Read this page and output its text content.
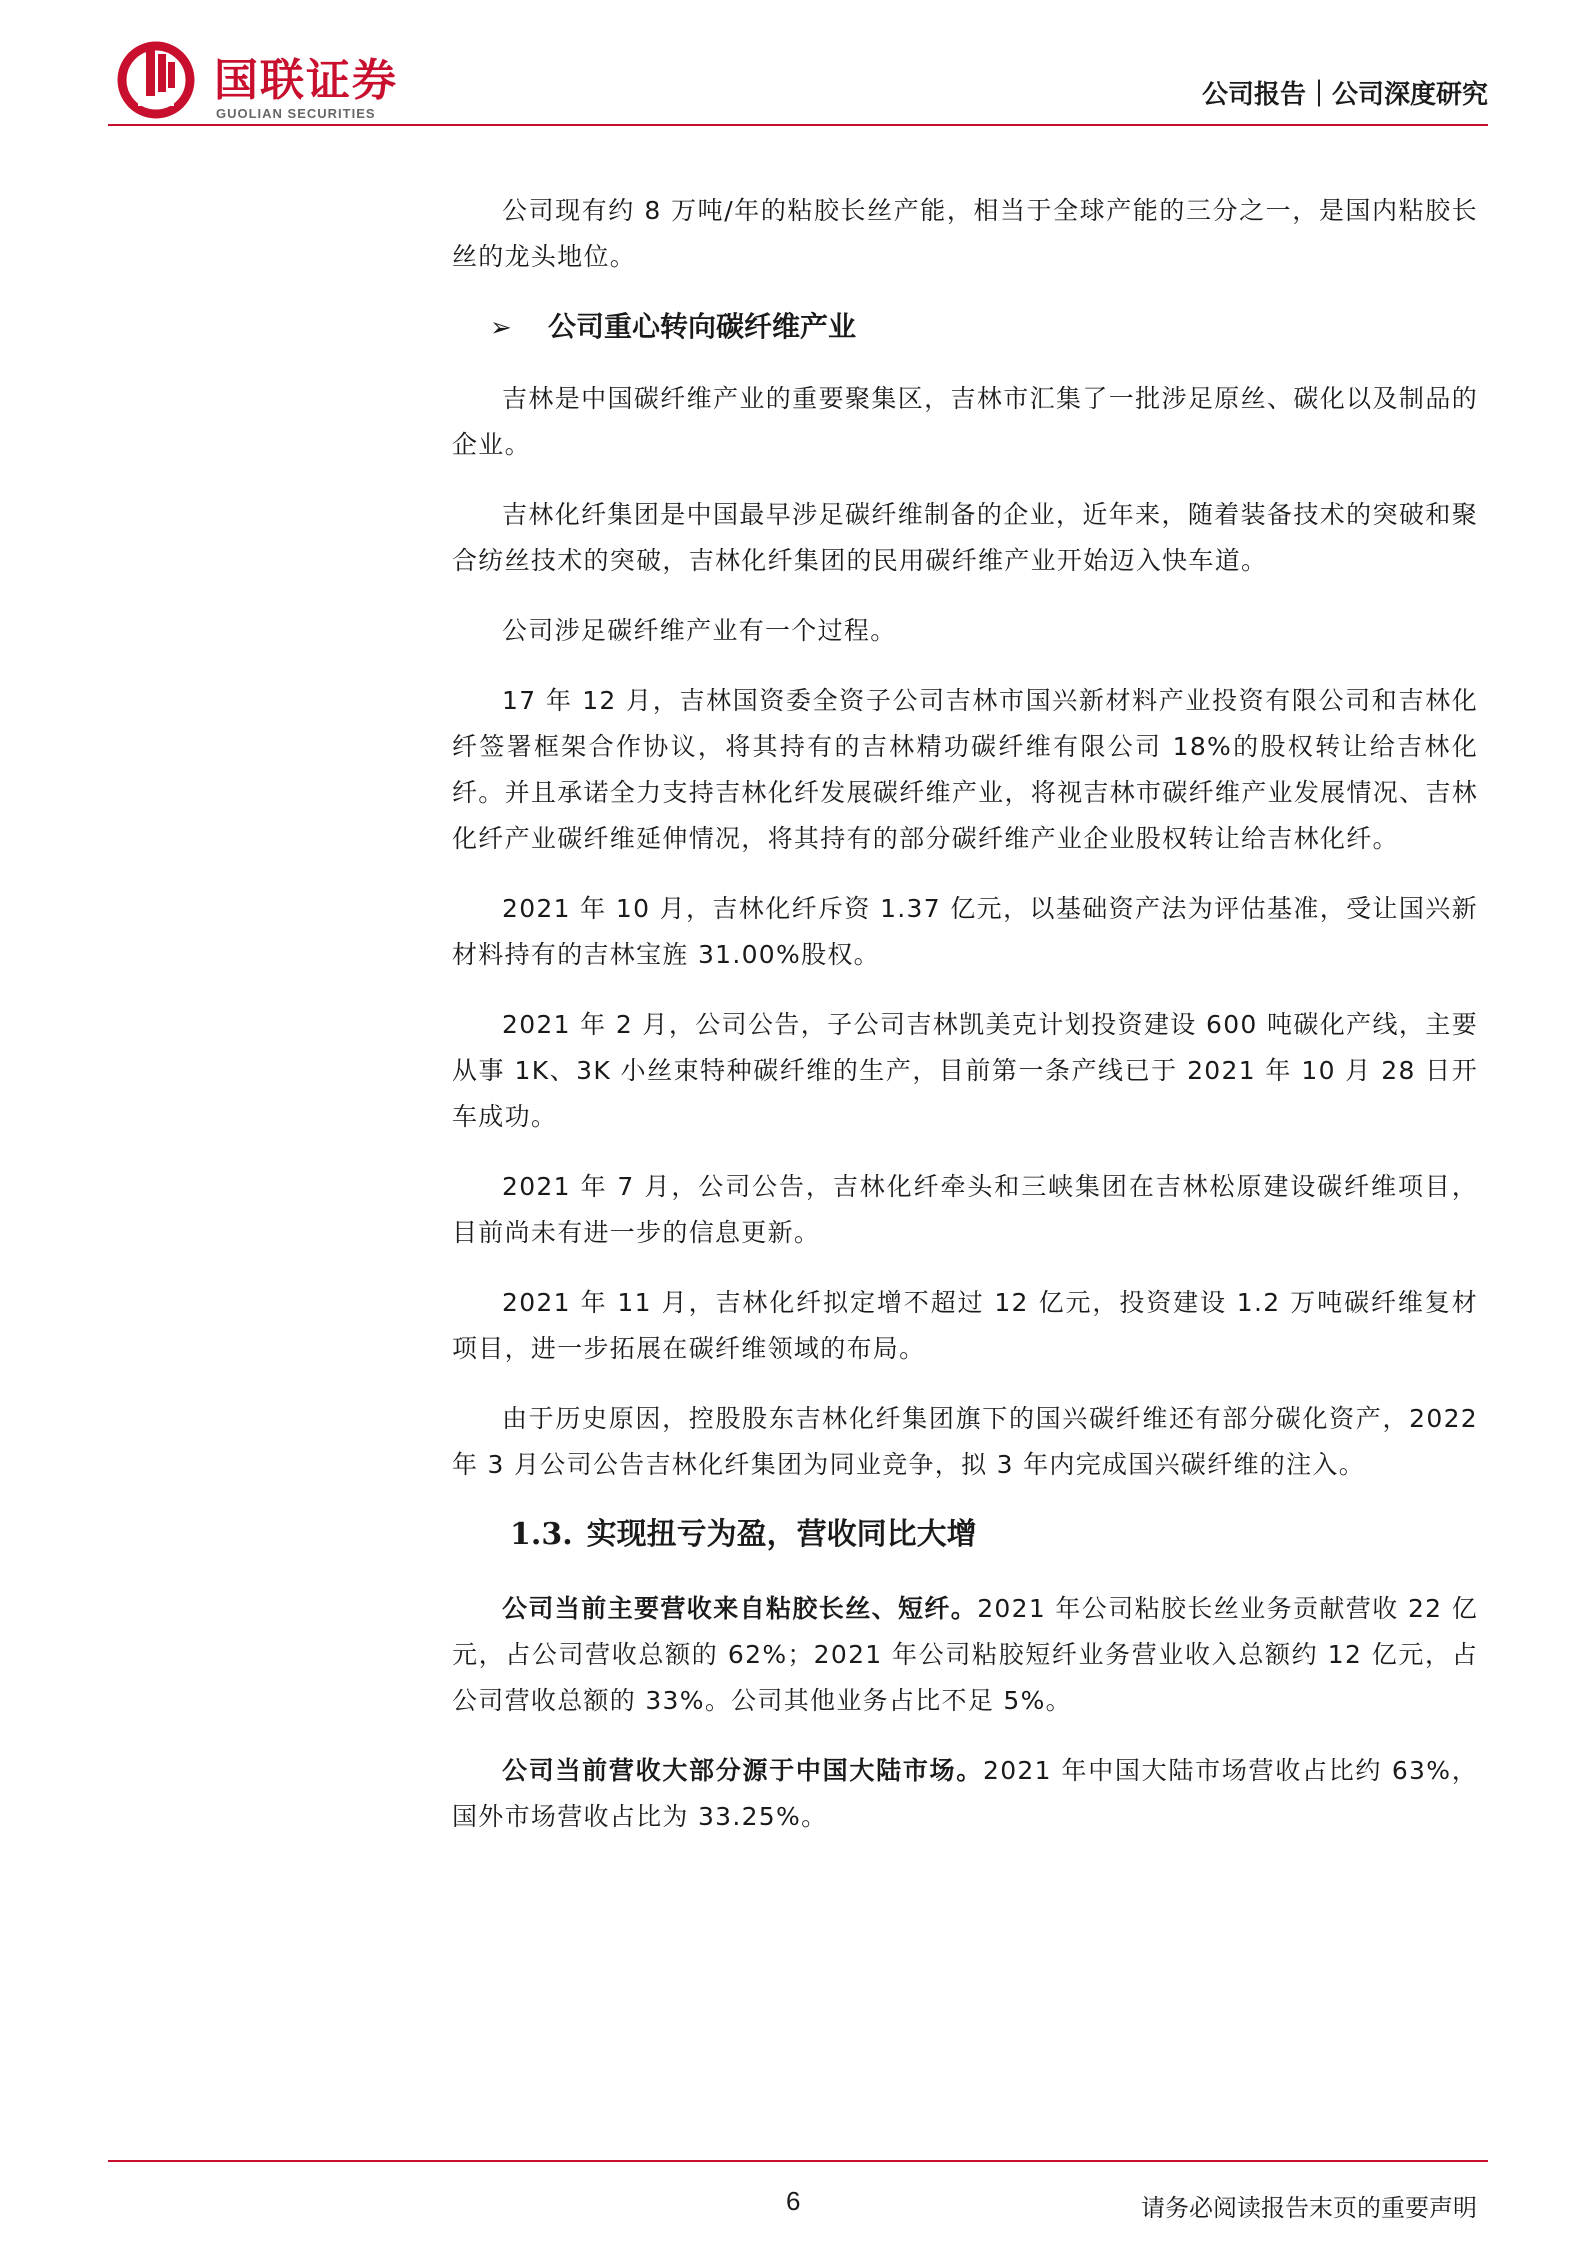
国联证券
GUOLIAN SECURITIES
公司报告｜公司深度研究

公司现有约 8 万吨/年的粘胶长丝产能，相当于全球产能的三分之一，是国内粘胶长丝的龙头地位。

➢ 公司重心转向碳纤维产业

吉林是中国碳纤维产业的重要聚集区，吉林市汇集了一批涉足原丝、碳化以及制品的企业。

吉林化纤集团是中国最早涉足碳纤维制备的企业，近年来，随着装备技术的突破和聚合纺丝技术的突破，吉林化纤集团的民用碳纤维产业开始迈入快车道。

公司涉足碳纤维产业有一个过程。

17 年 12 月，吉林国资委全资子公司吉林市国兴新材料产业投资有限公司和吉林化纤签署框架合作协议，将其持有的吉林精功碳纤维有限公司 18%的股权转让给吉林化纤。并且承诺全力支持吉林化纤发展碳纤维产业，将视吉林市碳纤维产业发展情况、吉林化纤产业碳纤维延伸情况，将其持有的部分碳纤维产业企业股权转让给吉林化纤。

2021 年 10 月，吉林化纤斥资 1.37 亿元，以基础资产法为评估基准，受让国兴新材料持有的吉林宝旌 31.00%股权。

2021 年 2 月，公司公告，子公司吉林凯美克计划投资建设 600 吨碳化产线，主要从事 1K、3K 小丝束特种碳纤维的生产，目前第一条产线已于 2021 年 10 月 28 日开车成功。

2021 年 7 月，公司公告，吉林化纤牵头和三峡集团在吉林松原建设碳纤维项目，目前尚未有进一步的信息更新。

2021 年 11 月，吉林化纤拟定增不超过 12 亿元，投资建设 1.2 万吨碳纤维复材项目，进一步拓展在碳纤维领域的布局。

由于历史原因，控股股东吉林化纤集团旗下的国兴碳纤维还有部分碳化资产，2022 年 3 月公司公告吉林化纤集团为同业竞争，拟 3 年内完成国兴碳纤维的注入。

1.3. 实现扭亏为盈，营收同比大增

公司当前主要营收来自粘胶长丝、短纤。2021 年公司粘胶长丝业务贡献营收 22 亿元，占公司营收总额的 62%；2021 年公司粘胶短纤业务营业收入总额约 12 亿元，占公司营收总额的 33%。公司其他业务占比不足 5%。

公司当前营收大部分源于中国大陆市场。2021 年中国大陆市场营收占比约 63%，国外市场营收占比为 33.25%。

6	请务必阅读报告末页的重要声明
